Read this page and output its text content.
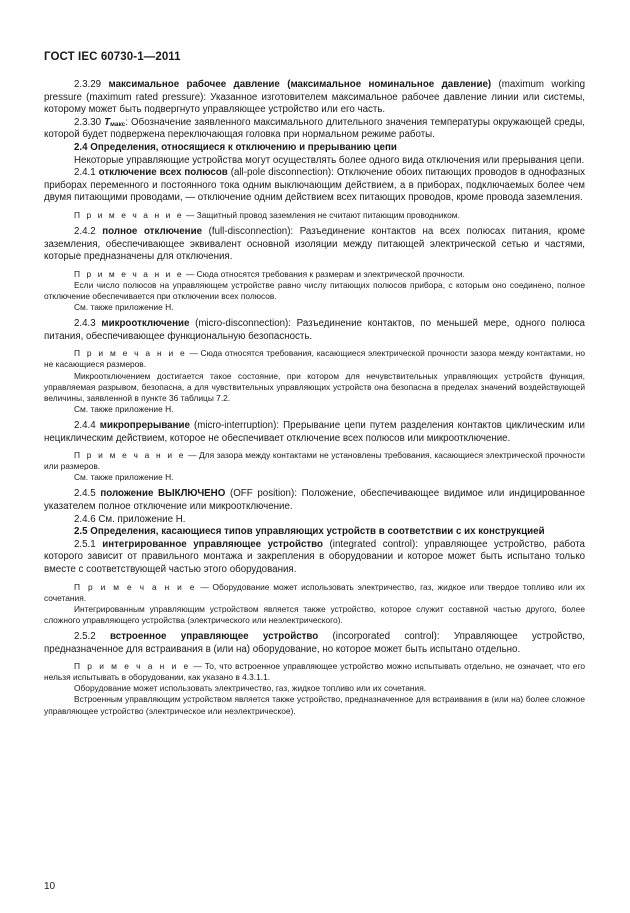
ГОСТ IEC 60730-1—2011

2.3.29 максимальное рабочее давление (максимальное номинальное давление) (maximum working pressure (maximum rated pressure): Указанное изготовителем максимальное рабочее давление линии или системы, которому может быть подвергнуто управляющее устройство или его часть.

2.3.30 $T_{макс}$: Обозначение заявленного максимального длительного значения температуры окружающей среды, которой будет подвержена переключающая головка при нормальном режиме работы.

2.4 Определения, относящиеся к отключению и прерыванию цепи

Некоторые управляющие устройства могут осуществлять более одного вида отключения или прерывания цепи.

2.4.1 отключение всех полюсов (all-pole disconnection): Отключение обоих питающих проводов в однофазных приборах переменного и постоянного тока одним выключающим действием, а в приборах, подключаемых более чем двумя питающими проводами, — отключение одним действием всех питающих проводов, кроме провода заземления.

П р и м е ч а н и е — Защитный провод заземления не считают питающим проводником.

2.4.2 полное отключение (full-disconnection): Разъединение контактов на всех полюсах питания, кроме заземления, обеспечивающее эквивалент основной изоляции между питающей электрической сетью и частями, которые предназначены для отключения.

П р и м е ч а н и е — Сюда относятся требования к размерам и электрической прочности.

Если число полюсов на управляющем устройстве равно числу питающих полюсов прибора, с которым оно соединено, полное отключение обеспечивается при отключении всех полюсов.

См. также приложение Н.

2.4.3 микроотключение (micro-disconnection): Разъединение контактов, по меньшей мере, одного полюса питания, обеспечивающее функциональную безопасность.

П р и м е ч а н и е — Сюда относятся требования, касающиеся электрической прочности зазора между контактами, но не касающиеся размеров.

Микроотключением достигается такое состояние, при котором для нечувствительных управляющих устройств функция, управляемая разрывом, безопасна, а для чувствительных управляющих устройств она безопасна в пределах значений воздействующей величины, заявленной в пункте 36 таблицы 7.2.

См. также приложение Н.

2.4.4 микропрерывание (micro-interruption): Прерывание цепи путем разделения контактов циклическим или нециклическим действием, которое не обеспечивает отключение всех полюсов или микроотключение.

П р и м е ч а н и е — Для зазора между контактами не установлены требования, касающиеся электрической прочности или размеров.

См. также приложение Н.

2.4.5 положение ВЫКЛЮЧЕНО (OFF position): Положение, обеспечивающее видимое или индицированное указателем полное отключение или микроотключение.

2.4.6 См. приложение Н.

2.5 Определения, касающиеся типов управляющих устройств в соответствии с их конструкцией

2.5.1 интегрированное управляющее устройство (integrated control): управляющее устройство, работа которого зависит от правильного монтажа и закрепления в оборудовании и которое может быть испытано только вместе с соответствующей частью этого оборудования.

П р и м е ч а н и е — Оборудование может использовать электричество, газ, жидкое или твердое топливо или их сочетания.

Интегрированным управляющим устройством является также устройство, которое служит составной частью другого, более сложного управляющего устройства (электрического или неэлектрического).

2.5.2 встроенное управляющее устройство (incorporated control): Управляющее устройство, предназначенное для встраивания в (или на) оборудование, но которое может быть испытано отдельно.

П р и м е ч а н и е — То, что встроенное управляющее устройство можно испытывать отдельно, не означает, что его нельзя испытывать в оборудовании, как указано в 4.3.1.1.

Оборудование может использовать электричество, газ, жидкое топливо или их сочетания.

Встроенным управляющим устройством является также устройство, предназначенное для встраивания в (или на) более сложное управляющее устройство (электрическое или неэлектрическое).

10
